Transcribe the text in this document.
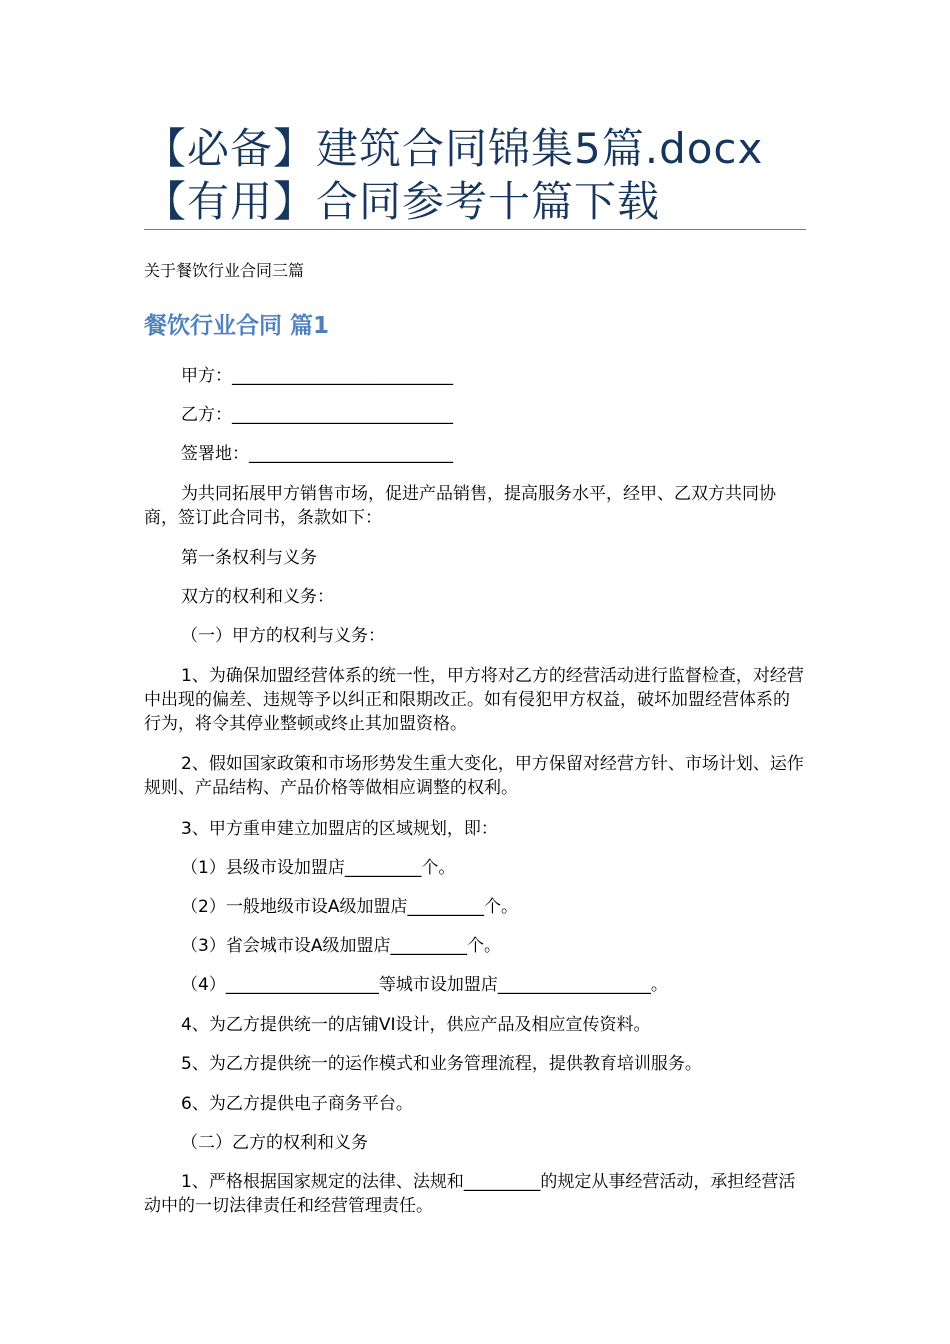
【必备】建筑合同锦集5篇.docx
【有用】合同参考十篇下载
关于餐饮行业合同三篇
餐饮行业合同 篇1
甲方：__________________________
乙方：__________________________
签署地：________________________
为共同拓展甲方销售市场，促进产品销售，提高服务水平，经甲、乙双方共同协商，签订此合同书，条款如下：
第一条权利与义务
双方的权利和义务：
（一）甲方的权利与义务：
1、为确保加盟经营体系的统一性，甲方将对乙方的经营活动进行监督检查，对经营中出现的偏差、违规等予以纠正和限期改正。如有侵犯甲方权益，破坏加盟经营体系的行为，将令其停业整顿或终止其加盟资格。
2、假如国家政策和市场形势发生重大变化，甲方保留对经营方针、市场计划、运作规则、产品结构、产品价格等做相应调整的权利。
3、甲方重申建立加盟店的区域规划，即：
（1）县级市设加盟店_________个。
（2）一般地级市设A级加盟店_________个。
（3）省会城市设A级加盟店_________个。
（4）__________________等城市设加盟店__________________。
4、为乙方提供统一的店铺VI设计，供应产品及相应宣传资料。
5、为乙方提供统一的运作模式和业务管理流程，提供教育培训服务。
6、为乙方提供电子商务平台。
（二）乙方的权利和义务
1、严格根据国家规定的法律、法规和_________的规定从事经营活动，承担经营活动中的一切法律责任和经营管理责任。
